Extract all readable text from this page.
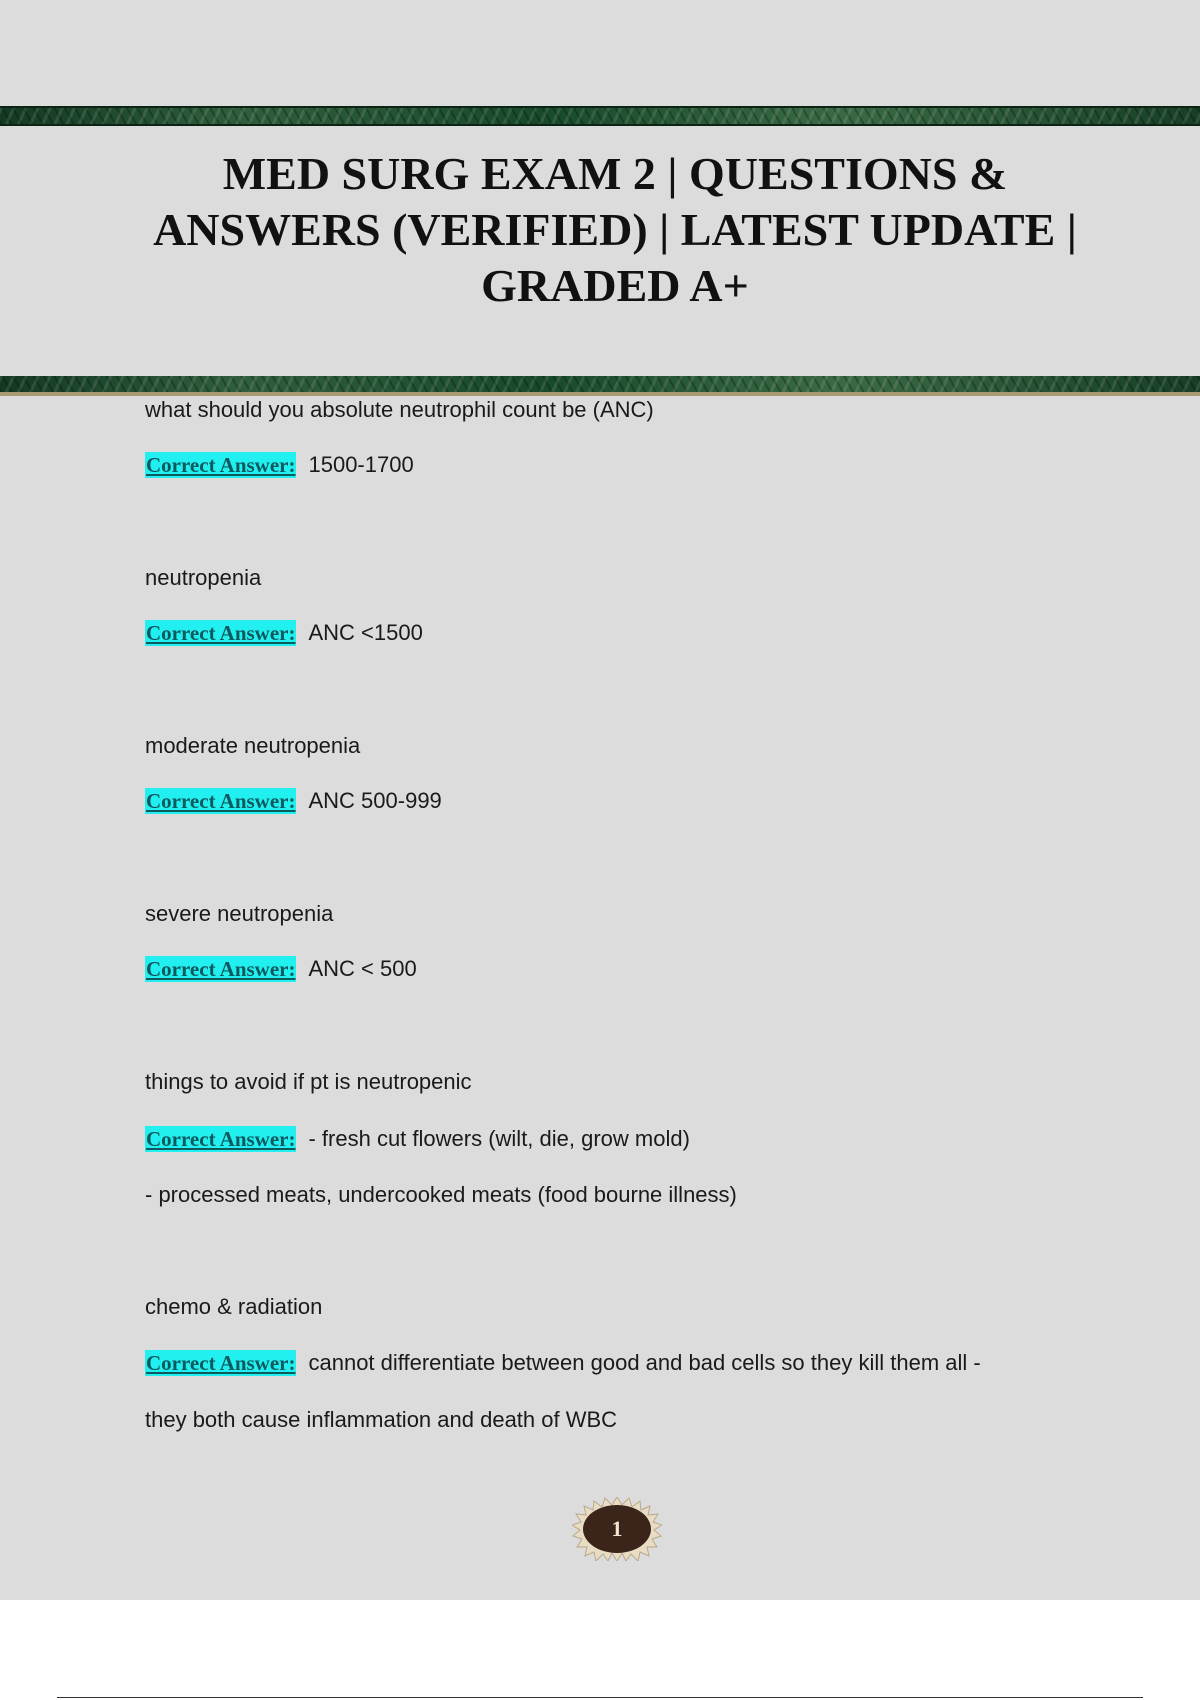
MED SURG EXAM 2 | QUESTIONS & ANSWERS (VERIFIED) | LATEST UPDATE | GRADED A+
what should you absolute neutrophil count be (ANC)
Correct Answer: 1500-1700
neutropenia
Correct Answer: ANC <1500
moderate neutropenia
Correct Answer: ANC 500-999
severe neutropenia
Correct Answer: ANC < 500
things to avoid if pt is neutropenic
Correct Answer: - fresh cut flowers (wilt, die, grow mold)
- processed meats, undercooked meats (food bourne illness)
chemo & radiation
Correct Answer: cannot differentiate between good and bad cells so they kill them all -
they both cause inflammation and death of WBC
1
